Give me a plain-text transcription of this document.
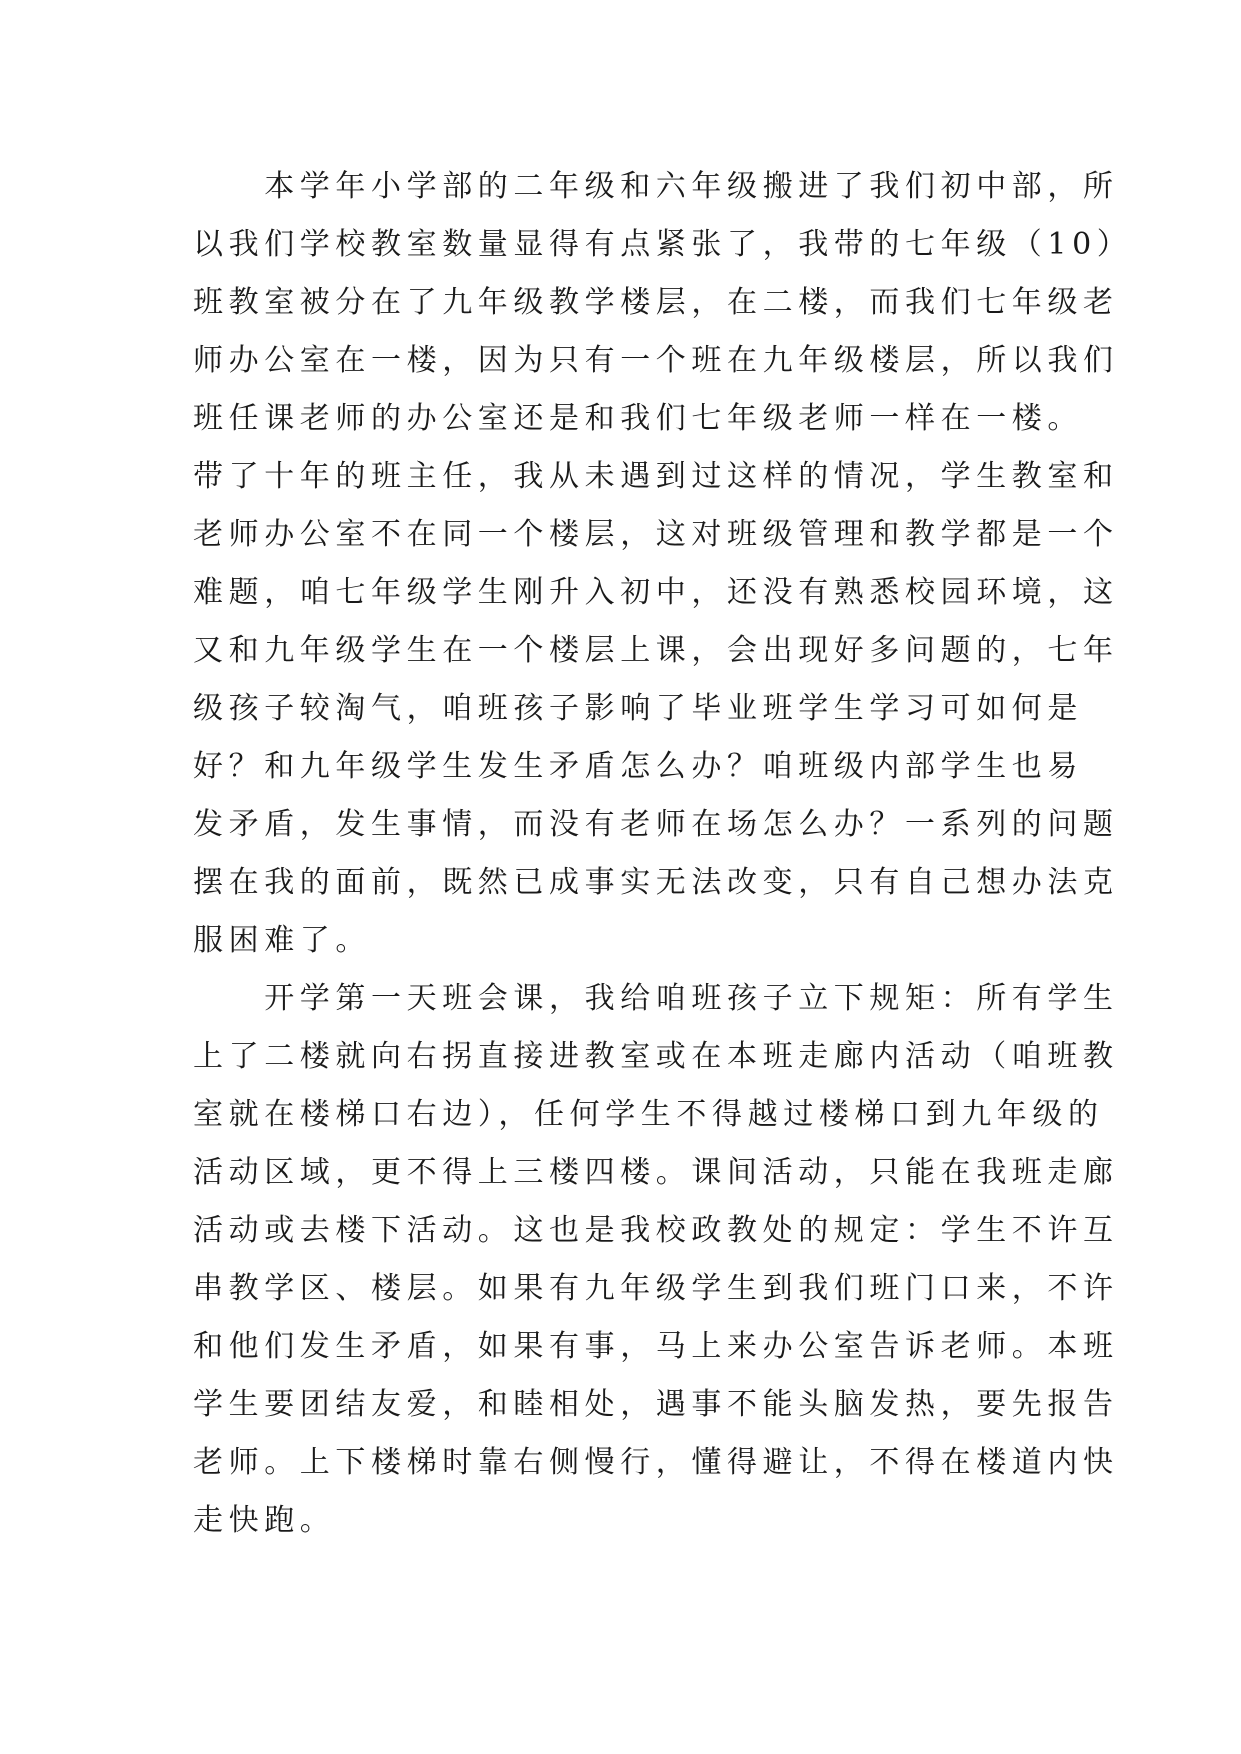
　　本学年小学部的二年级和六年级搬进了我们初中部，所
以我们学校教室数量显得有点紧张了，我带的七年级（10）
班教室被分在了九年级教学楼层，在二楼，而我们七年级老
师办公室在一楼，因为只有一个班在九年级楼层，所以我们
班任课老师的办公室还是和我们七年级老师一样在一楼。
带了十年的班主任，我从未遇到过这样的情况，学生教室和
老师办公室不在同一个楼层，这对班级管理和教学都是一个
难题，咱七年级学生刚升入初中，还没有熟悉校园环境，这
又和九年级学生在一个楼层上课，会出现好多问题的，七年
级孩子较淘气，咱班孩子影响了毕业班学生学习可如何是
好？和九年级学生发生矛盾怎么办？咱班级内部学生也易
发矛盾，发生事情，而没有老师在场怎么办？一系列的问题
摆在我的面前，既然已成事实无法改变，只有自己想办法克
服困难了。
　　开学第一天班会课，我给咱班孩子立下规矩：所有学生
上了二楼就向右拐直接进教室或在本班走廊内活动（咱班教
室就在楼梯口右边），任何学生不得越过楼梯口到九年级的
活动区域，更不得上三楼四楼。课间活动，只能在我班走廊
活动或去楼下活动。这也是我校政教处的规定：学生不许互
串教学区、楼层。如果有九年级学生到我们班门口来，不许
和他们发生矛盾，如果有事，马上来办公室告诉老师。本班
学生要团结友爱，和睦相处，遇事不能头脑发热，要先报告
老师。上下楼梯时靠右侧慢行，懂得避让，不得在楼道内快
走快跑。
